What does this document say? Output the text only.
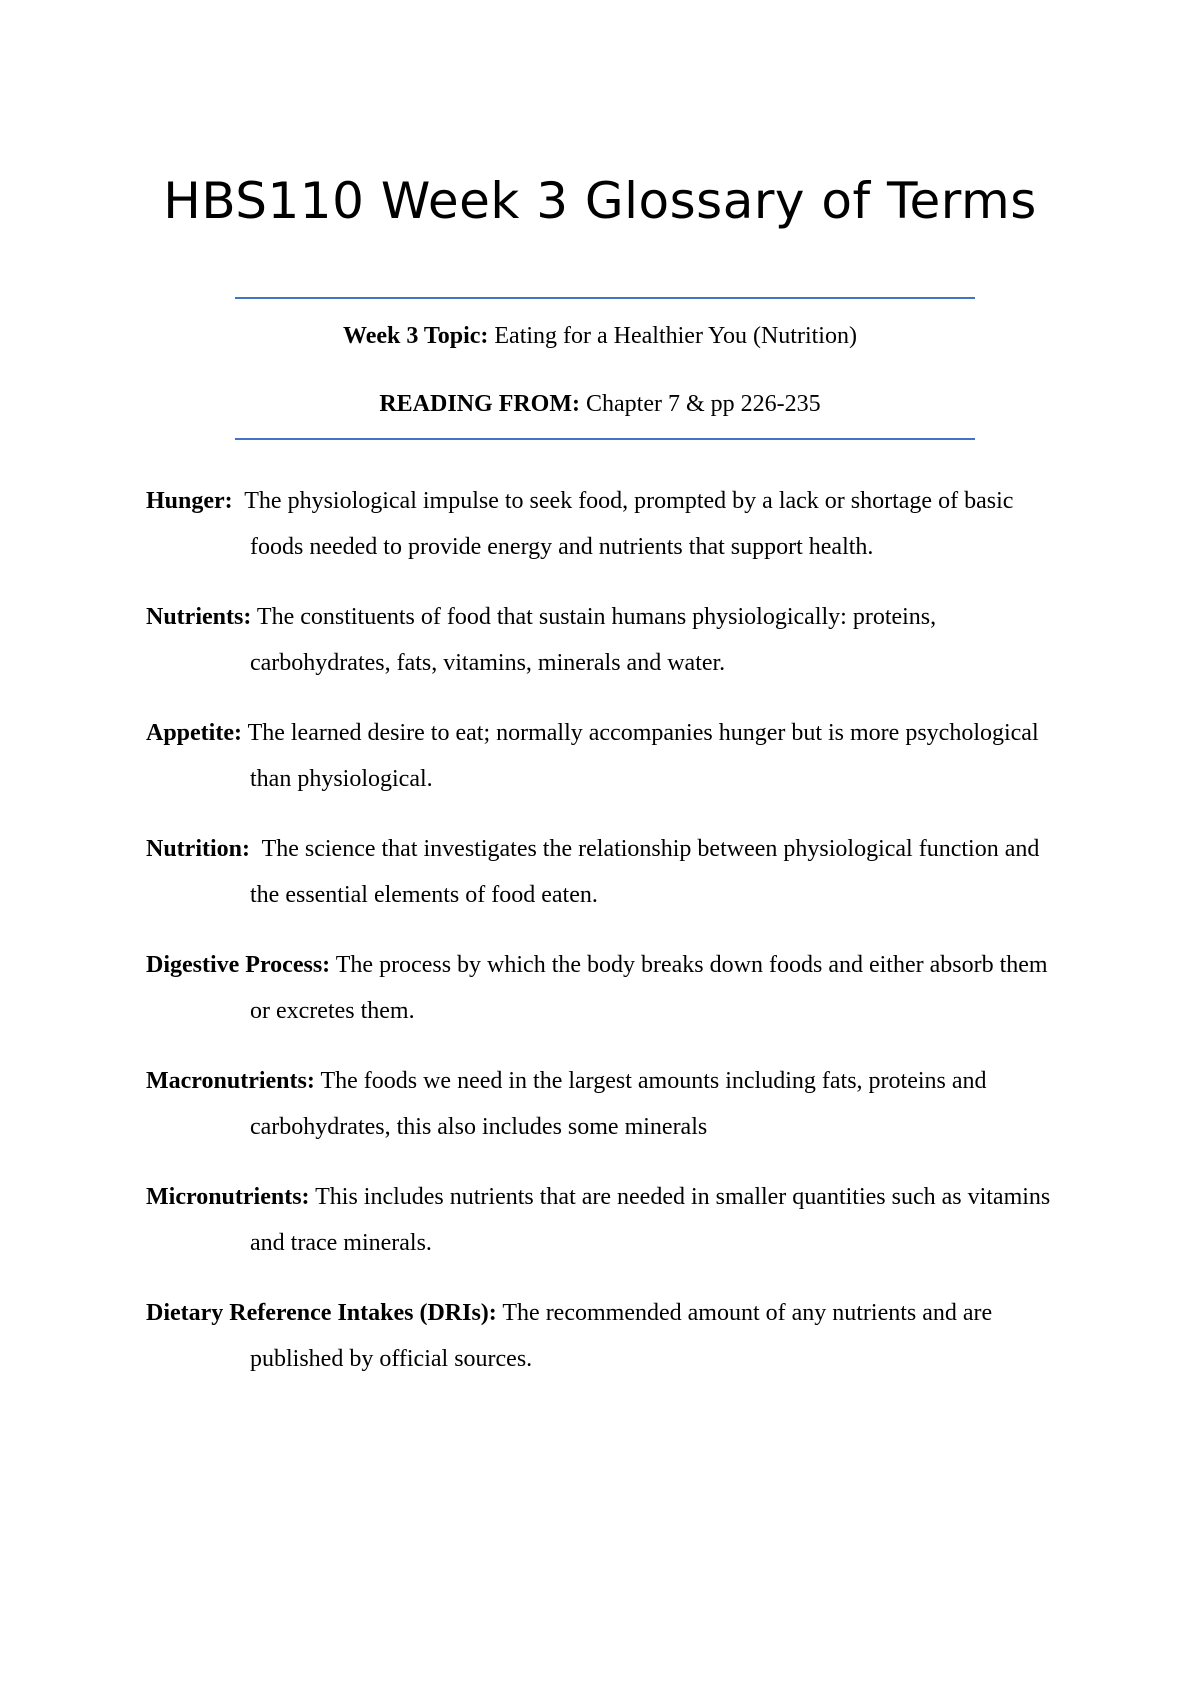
HBS110 Week 3 Glossary of Terms
Week 3 Topic: Eating for a Healthier You (Nutrition)
READING FROM: Chapter 7 & pp 226-235
Hunger: The physiological impulse to seek food, prompted by a lack or shortage of basic foods needed to provide energy and nutrients that support health.
Nutrients: The constituents of food that sustain humans physiologically: proteins, carbohydrates, fats, vitamins, minerals and water.
Appetite: The learned desire to eat; normally accompanies hunger but is more psychological than physiological.
Nutrition: The science that investigates the relationship between physiological function and the essential elements of food eaten.
Digestive Process: The process by which the body breaks down foods and either absorb them or excretes them.
Macronutrients: The foods we need in the largest amounts including fats, proteins and carbohydrates, this also includes some minerals
Micronutrients: This includes nutrients that are needed in smaller quantities such as vitamins and trace minerals.
Dietary Reference Intakes (DRIs): The recommended amount of any nutrients and are published by official sources.
